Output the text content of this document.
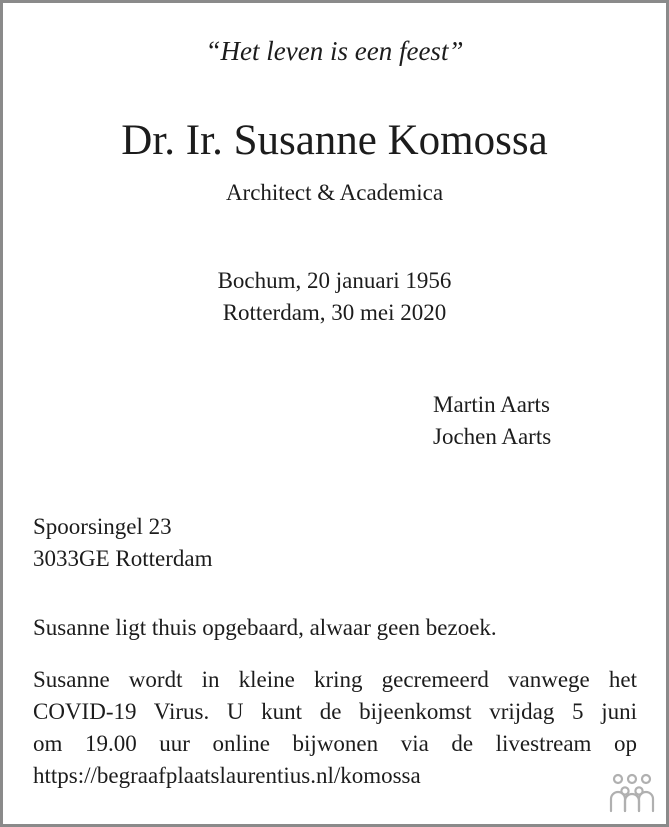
“Het leven is een feest”
Dr. Ir. Susanne Komossa
Architect & Academica
Bochum, 20 januari 1956
Rotterdam, 30 mei 2020
Martin Aarts
Jochen Aarts
Spoorsingel 23
3033GE Rotterdam
Susanne ligt thuis opgebaard, alwaar geen bezoek.
Susanne wordt in kleine kring gecremeerd vanwege het
COVID-19 Virus. U kunt de bijeenkomst vrijdag 5 juni
om 19.00 uur online bijwonen via de livestream op
https://begraafplaatslaurentius.nl/komossa
